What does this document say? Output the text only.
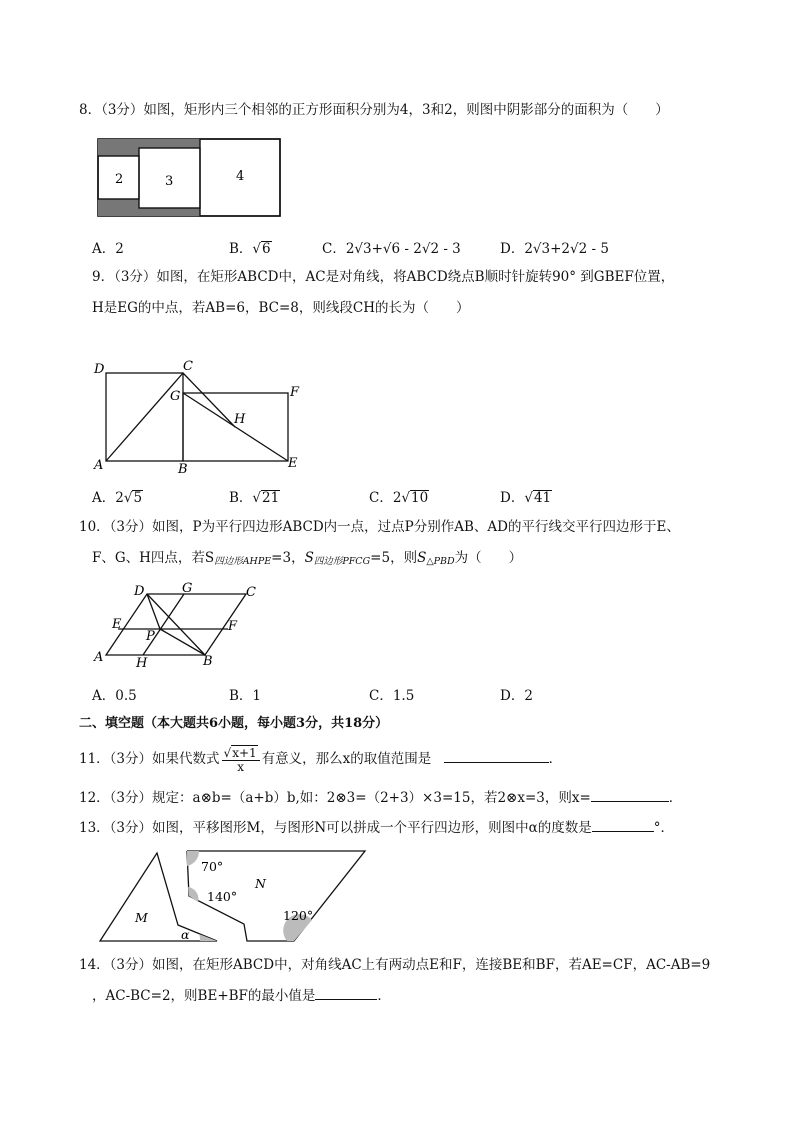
8．（3分）如图，矩形内三个相邻的正方形面积分别为4，3和2，则图中阴影部分的面积为（　　）
2	3	4
A．2	B．√6	C．2√3+√6 - 2√2 - 3	D．2√3+2√2 - 5
9．（3分）如图，在矩形ABCD中，AC是对角线，将ABCD绕点B顺时针旋转90° 到GBEF位置，
H是EG的中点，若AB=6，BC=8，则线段CH的长为（　　）
D	C
G	F
H
A	B	E
A．2√5	B．√21	C．2√10	D．√41
10．（3分）如图，P为平行四边形ABCD内一点，过点P分别作AB、AD的平行线交平行四边形于E、
F、G、H四点，若$S_{四边形AHPE}=3$，$S_{四边形PFCG}=5$，则$S_{\triangle PBD}$为（　　）
D	G	C
E
P
F
A	H	B
A．0.5	B．1	C．1.5	D．2
二、填空题（本大题共6小题，每小题3分，共18分）
11．（3分）如果代数式 $\frac{√x+1}{x}$ 有意义，那么x的取值范围是	．
12．（3分）规定：a⊗b=（a+b）b,如：2⊗3=（2+3）×3=15，若2⊗x=3，则x=	．
13．（3分）如图，平移图形M，与图形N可以拼成一个平行四边形，则图中α的度数是	°．
70°
140°
120°
M
N
α
14．（3分）如图，在矩形ABCD中，对角线AC上有两动点E和F，连接BE和BF，若AE=CF，AC-AB=9
，AC-BC=2，则BE+BF的最小值是	．
